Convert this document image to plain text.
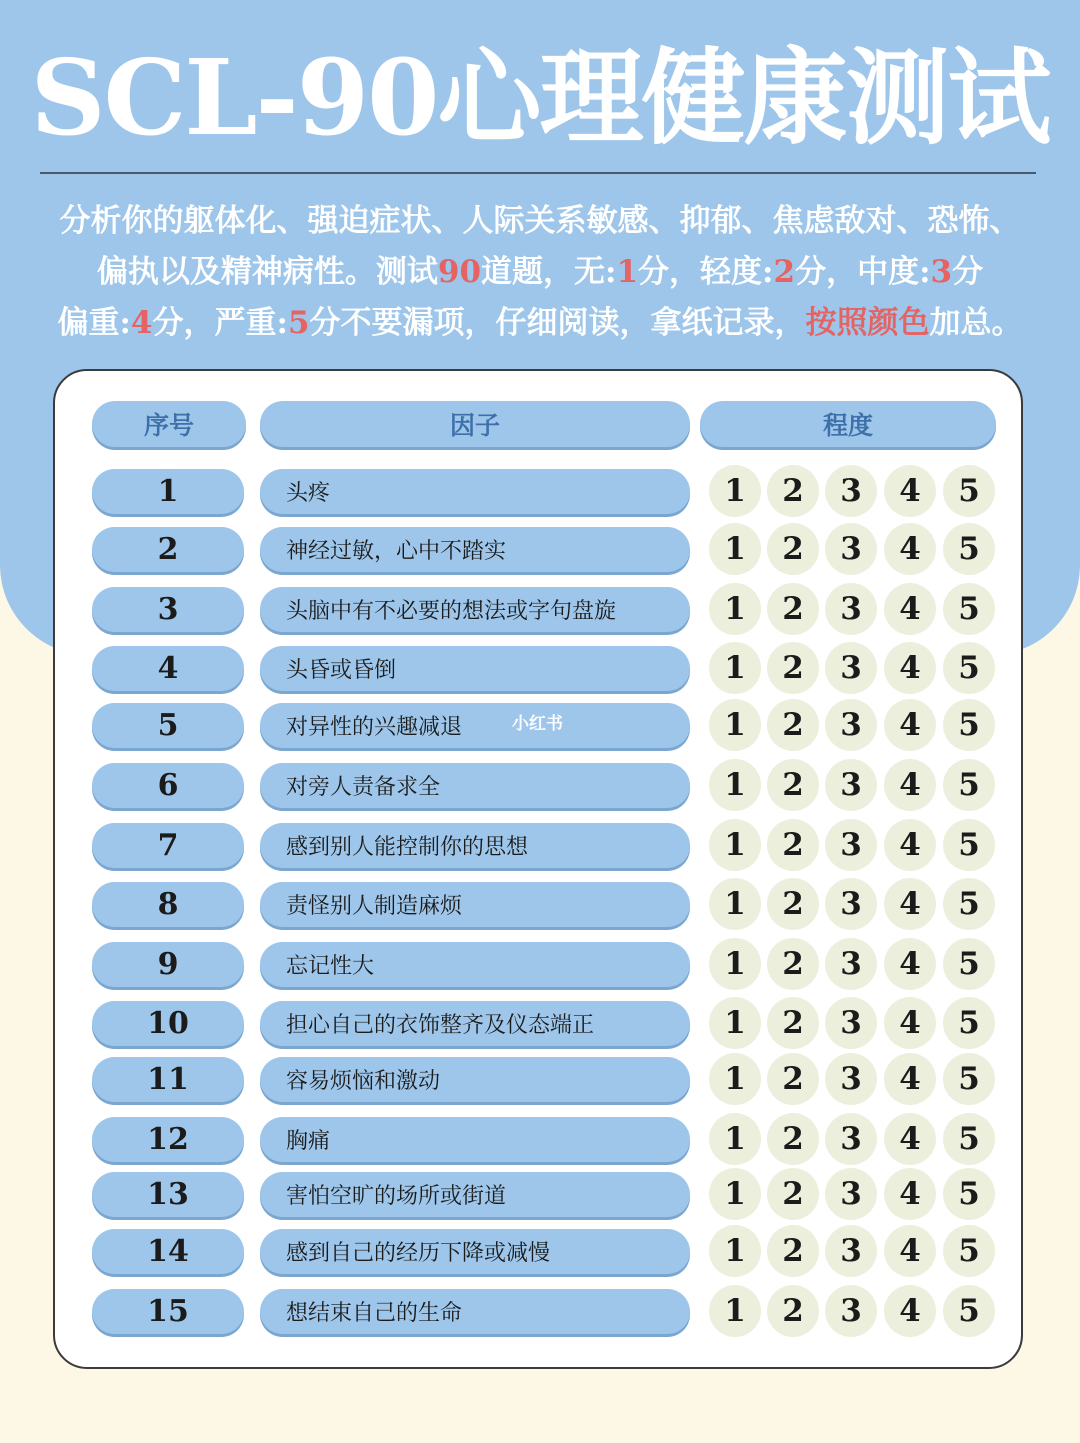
SCL-90心理健康测试
分析你的躯体化、强迫症状、人际关系敏感、抑郁、焦虑敌对、恐怖、
偏执以及精神病性。测试90道题，无:1分，轻度:2分，中度:3分
偏重:4分，严重:5分不要漏项，仔细阅读，拿纸记录，按照颜色加总。
序号	因子	程度
1	头疼	1	2	3	4	5
2	神经过敏，心中不踏实	1	2	3	4	5
3	头脑中有不必要的想法或字句盘旋	1	2	3	4	5
4	头昏或昏倒	1	2	3	4	5
5	对异性的兴趣减退	1	2	3	4	5
6	对旁人责备求全	1	2	3	4	5
7	感到别人能控制你的思想	1	2	3	4	5
8	责怪别人制造麻烦	1	2	3	4	5
9	忘记性大	1	2	3	4	5
10	担心自己的衣饰整齐及仪态端正	1	2	3	4	5
11	容易烦恼和激动	1	2	3	4	5
12	胸痛	1	2	3	4	5
13	害怕空旷的场所或街道	1	2	3	4	5
14	感到自己的经历下降或减慢	1	2	3	4	5
15	想结束自己的生命	1	2	3	4	5
小红书
